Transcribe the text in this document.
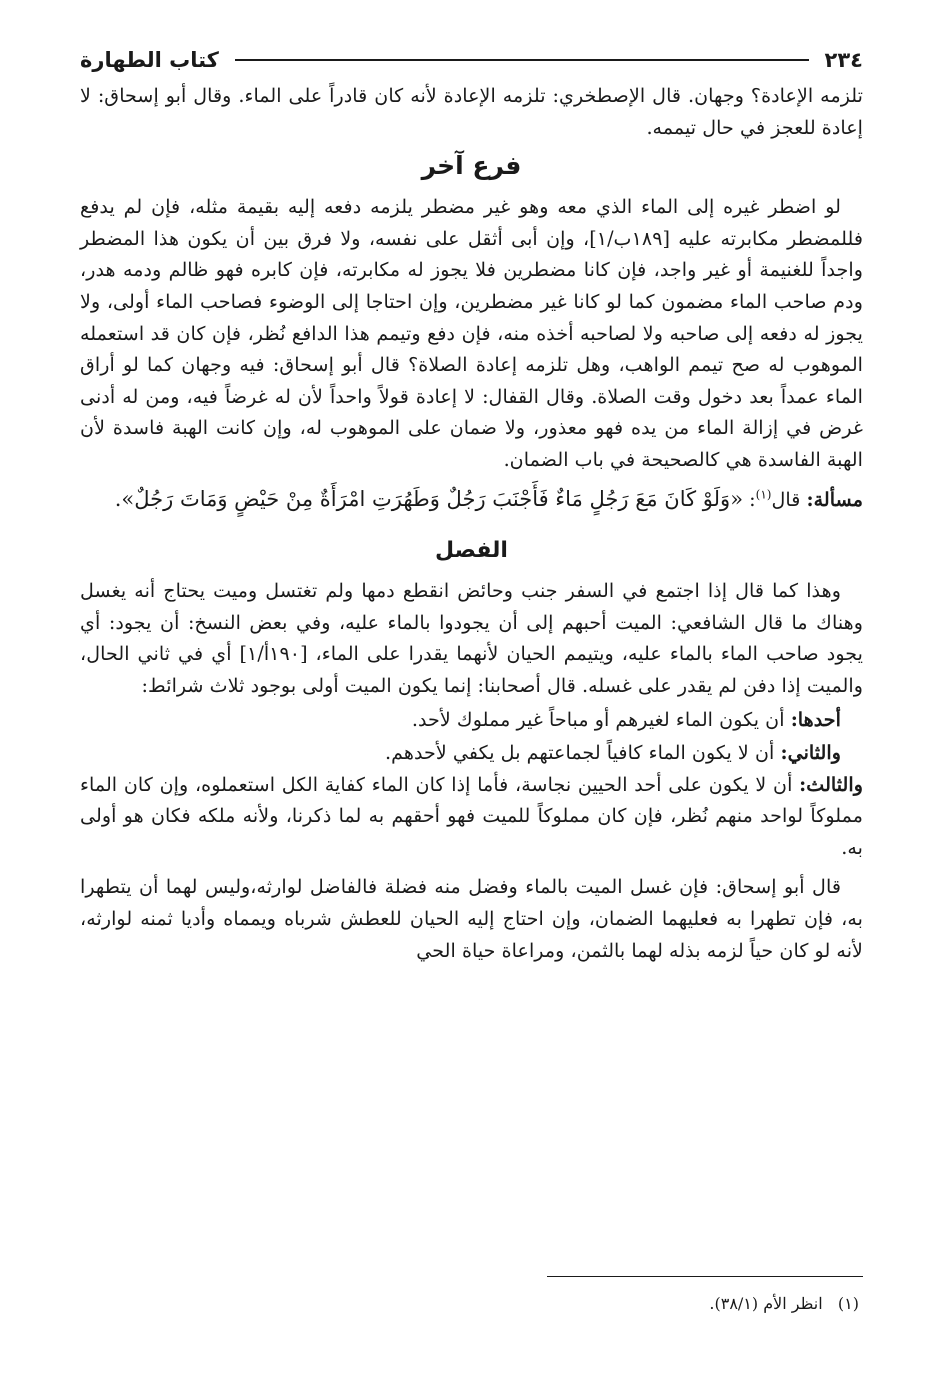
٢٣٤
كتاب الطهارة

تلزمه الإعادة؟ وجهان. قال الإصطخري: تلزمه الإعادة لأنه كان قادراً على الماء. وقال أبو إسحاق: لا إعادة للعجز في حال تيممه.

فرع آخر

لو اضطر غيره إلى الماء الذي معه وهو غير مضطر يلزمه دفعه إليه بقيمة مثله، فإن لم يدفع فللمضطر مكابرته عليه [١٨٩ب/١]، وإن أبى أثقل على نفسه، ولا فرق بين أن يكون هذا المضطر واجداً للغنيمة أو غير واجد، فإن كانا مضطرين فلا يجوز له مكابرته، فإن كابره فهو ظالم ودمه هدر، ودم صاحب الماء مضمون كما لو كانا غير مضطرين، وإن احتاجا إلى الوضوء فصاحب الماء أولى، ولا يجوز له دفعه إلى صاحبه ولا لصاحبه أخذه منه، فإن دفع وتيمم هذا الدافع نُظر، فإن كان قد استعمله الموهوب له صح تيمم الواهب، وهل تلزمه إعادة الصلاة؟ قال أبو إسحاق: فيه وجهان كما لو أراق الماء عمداً بعد دخول وقت الصلاة. وقال القفال: لا إعادة قولاً واحداً لأن له غرضاً فيه، ومن له أدنى غرض في إزالة الماء من يده فهو معذور، ولا ضمان على الموهوب له، وإن كانت الهبة فاسدة لأن الهبة الفاسدة هي كالصحيحة في باب الضمان.

مسألة: قال$^{(١)}$: «وَلَوْ كَانَ مَعَ رَجُلٍ مَاءٌ فَأَجْنَبَ رَجُلٌ وَطَهُرَتِ امْرَأَةٌ مِنْ حَيْضٍ وَمَاتَ رَجُلٌ».

الفصل

وهذا كما قال إذا اجتمع في السفر جنب وحائض انقطع دمها ولم تغتسل وميت يحتاج أنه يغسل وهناك ما قال الشافعي: الميت أحبهم إلى أن يجودوا بالماء عليه، وفي بعض النسخ: أن يجود: أي يجود صاحب الماء بالماء عليه، ويتيمم الحيان لأنهما يقدرا على الماء، [١٩٠أ/١] أي في ثاني الحال، والميت إذا دفن لم يقدر على غسله. قال أصحابنا: إنما يكون الميت أولى بوجود ثلاث شرائط:

أحدها: أن يكون الماء لغيرهم أو مباحاً غير مملوك لأحد.

والثاني: أن لا يكون الماء كافياً لجماعتهم بل يكفي لأحدهم.

والثالث: أن لا يكون على أحد الحيين نجاسة، فأما إذا كان الماء كفاية الكل استعملوه، وإن كان الماء مملوكاً لواحد منهم نُظر، فإن كان مملوكاً للميت فهو أحقهم به لما ذكرنا، ولأنه ملكه فكان هو أولى به.

قال أبو إسحاق: فإن غسل الميت بالماء وفضل منه فضلة فالفاضل لوارثه،وليس لهما أن يتطهرا به، فإن تطهرا به فعليهما الضمان، وإن احتاج إليه الحيان للعطش شرباه ويمماه وأديا ثمنه لوارثه، لأنه لو كان حياً لزمه بذله لهما بالثمن، ومراعاة حياة الحي

(١)   انظر الأم (٣٨/١).
